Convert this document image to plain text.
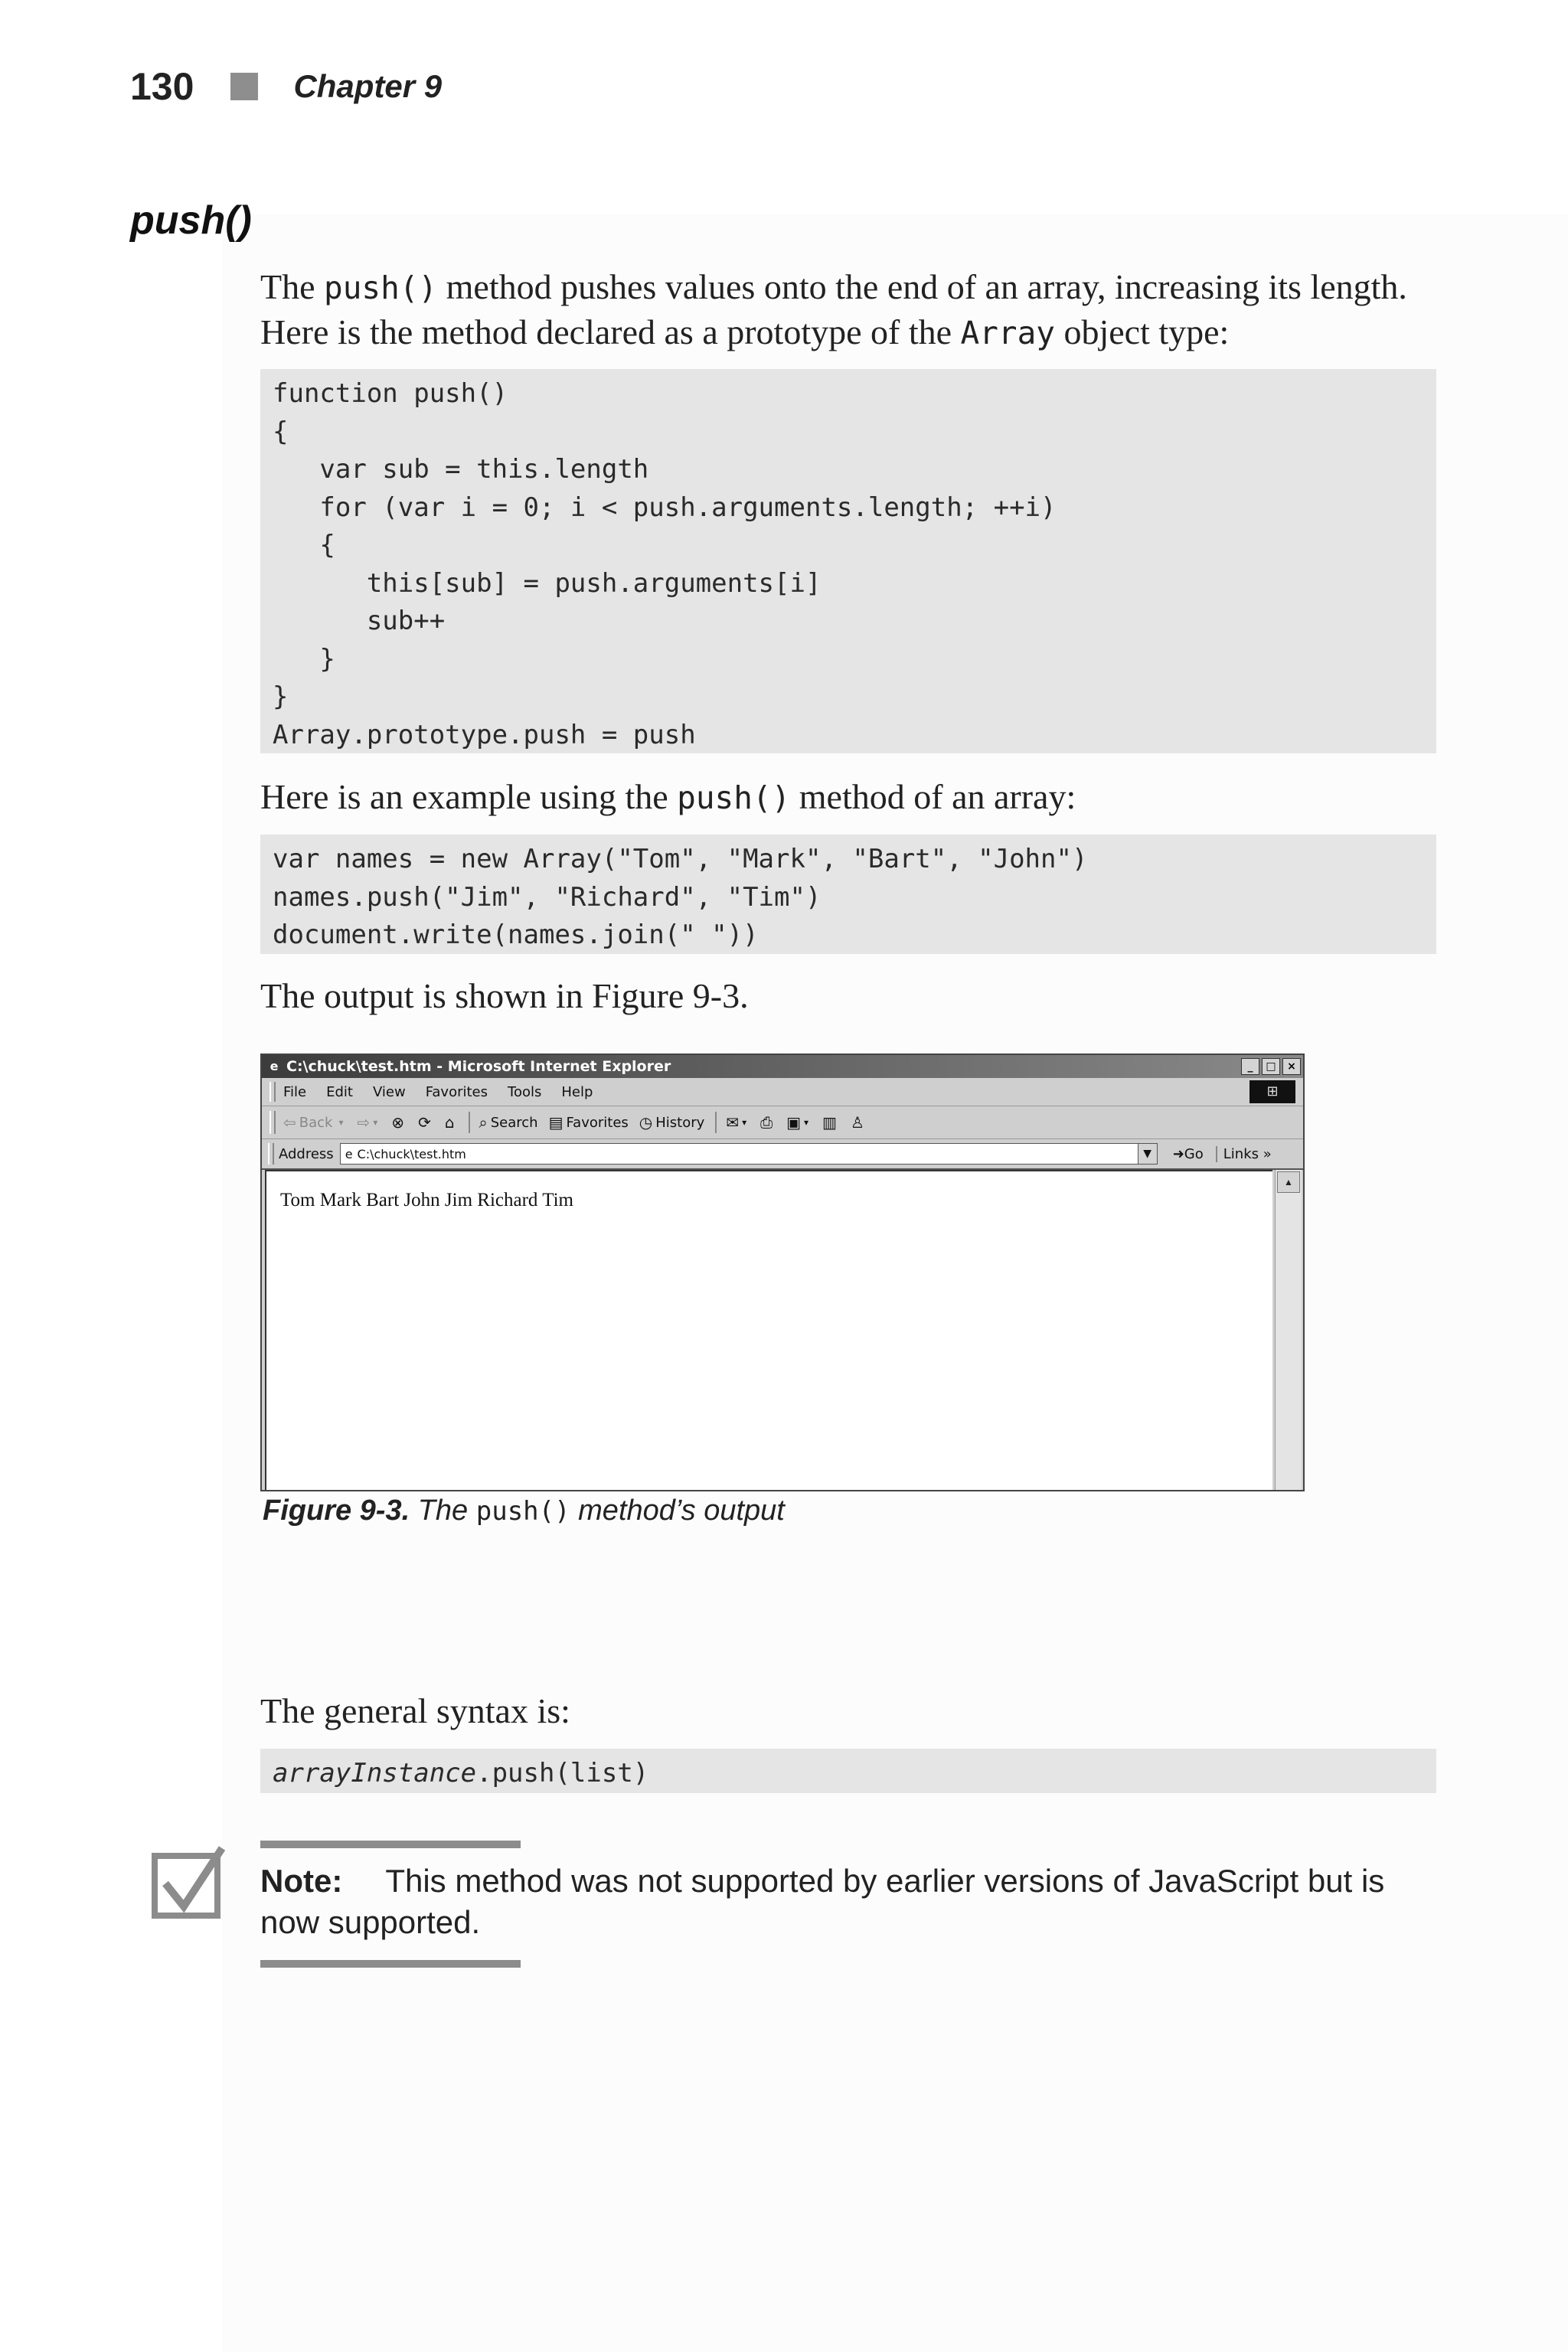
130	Chapter 9
push()
The push() method pushes values onto the end of an array, increasing its length. Here is the method declared as a prototype of the Array object type:
function push()
{
var sub = this.length
for (var i = 0; i < push.arguments.length; ++i)
{
this[sub] = push.arguments[i]
sub++
}
}
Array.prototype.push = push
Here is an example using the push() method of an array:
var names = new Array("Tom", "Mark", "Bart", "John")
names.push("Jim", "Richard", "Tim")
document.write(names.join(" "))
The output is shown in Figure 9-3.
e C:\chuck\test.htm - Microsoft Internet Explorer	_	□	×
File Edit View Favorites Tools Help	⊞
⇦ Back ▾ ⇨ ▾ ⊗ ⟳ ⌂ ⌕ Search ▤ Favorites ◷ History ✉ ▾ ⎙ ▣ ▾ ▥ ♙
Address e C:\chuck\test.htm	▼	➜Go	Links »
Tom Mark Bart John Jim Richard Tim
▲
Figure 9-3. The push() method’s output
The general syntax is:
arrayInstance.push(list)
Note: This method was not supported by earlier versions of JavaScript but is now supported.
